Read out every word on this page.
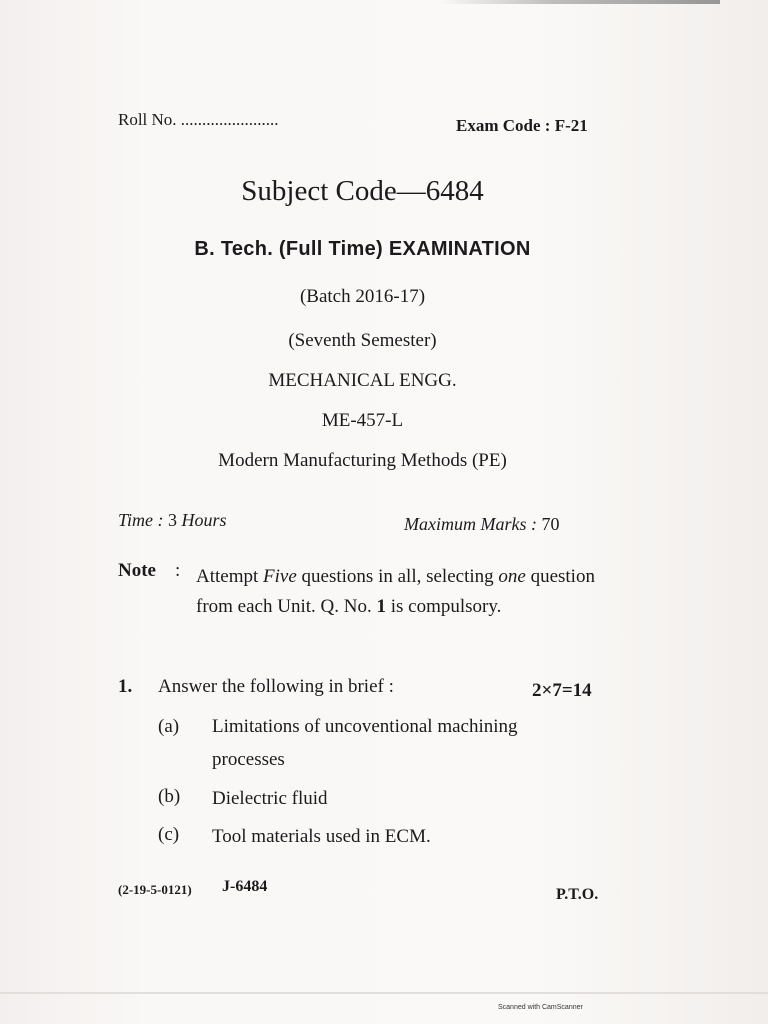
Roll No. .......................	Exam Code : F-21
Subject Code—6484
B. Tech. (Full Time) EXAMINATION
(Batch 2016-17)
(Seventh Semester)
MECHANICAL ENGG.
ME-457-L
Modern Manufacturing Methods (PE)
Time : 3 Hours	Maximum Marks : 70
Note : Attempt Five questions in all, selecting one question from each Unit. Q. No. 1 is compulsory.
1. Answer the following in brief :	2×7=14
(a) Limitations of uncoventional machining
processes
(b) Dielectric fluid
(c) Tool materials used in ECM.
(2-19-5-0121) J-6484	P.T.O.
Scanned with CamScanner
